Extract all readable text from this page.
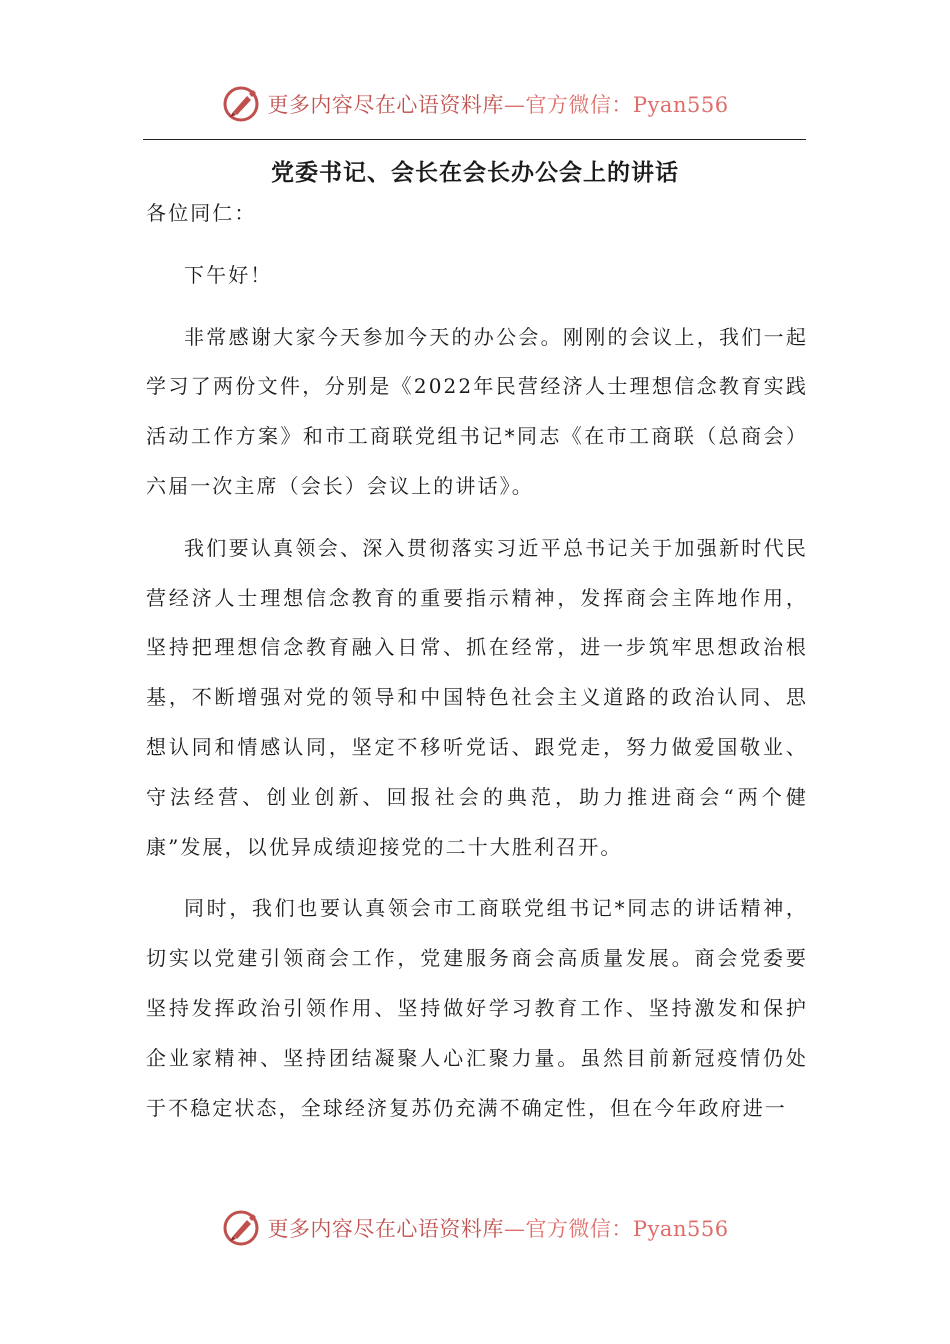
更多内容尽在心语资料库—官方微信：Pyan556
党委书记、会长在会长办公会上的讲话

各位同仁：

下午好！

非常感谢大家今天参加今天的办公会。刚刚的会议上，我们一起学习了两份文件，分别是《2022年民营经济人士理想信念教育实践活动工作方案》和市工商联党组书记*同志《在市工商联（总商会）六届一次主席（会长）会议上的讲话》。

我们要认真领会、深入贯彻落实习近平总书记关于加强新时代民营经济人士理想信念教育的重要指示精神，发挥商会主阵地作用，坚持把理想信念教育融入日常、抓在经常，进一步筑牢思想政治根基，不断增强对党的领导和中国特色社会主义道路的政治认同、思想认同和情感认同，坚定不移听党话、跟党走，努力做爱国敬业、守法经营、创业创新、回报社会的典范，助力推进商会“两个健康”发展，以优异成绩迎接党的二十大胜利召开。

同时，我们也要认真领会市工商联党组书记*同志的讲话精神，切实以党建引领商会工作，党建服务商会高质量发展。商会党委要坚持发挥政治引领作用、坚持做好学习教育工作、坚持激发和保护企业家精神、坚持团结凝聚人心汇聚力量。虽然目前新冠疫情仍处于不稳定状态，全球经济复苏仍充满不确定性，但在今年政府进一

更多内容尽在心语资料库—官方微信：Pyan556
